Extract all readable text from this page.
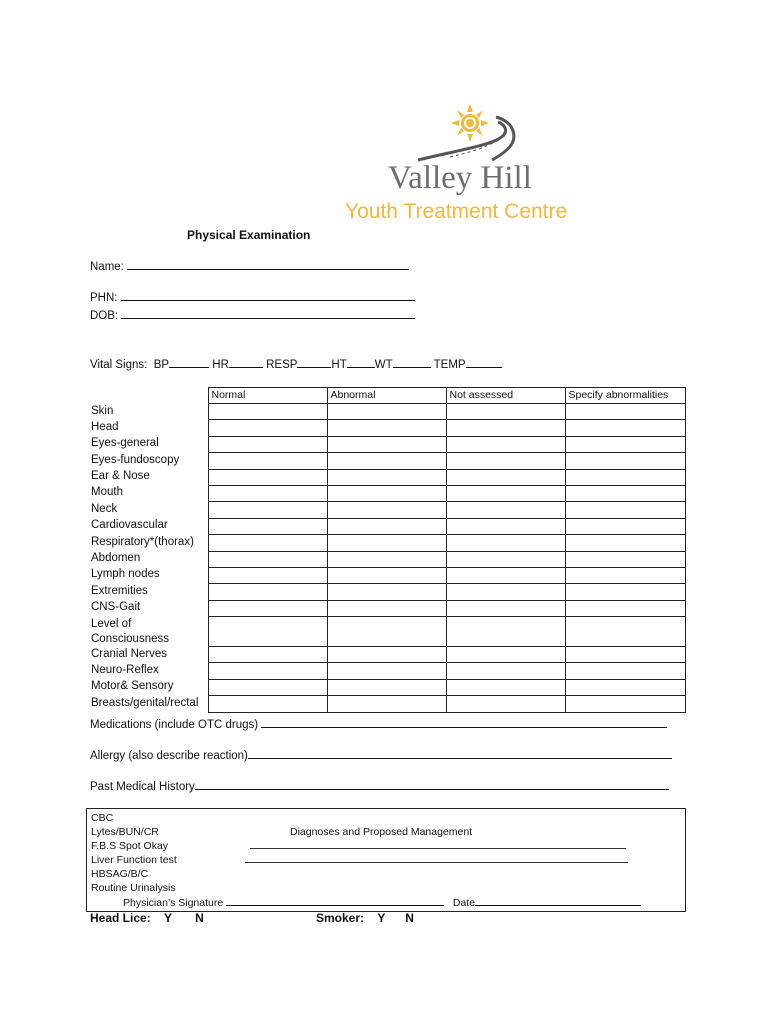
Valley Hill
Youth Treatment Centre
Physical Examination
Name:
PHN:
DOB:
Vital Signs: BP	HR	RESP	HT WT	TEMP
	Normal	Abnormal	Not assessed	Specify abnormalities
Skin				
Head				
Eyes-general				
Eyes-fundoscopy				
Ear & Nose				
Mouth				
Neck				
Cardiovascular				
Respiratory*(thorax)				
Abdomen				
Lymph nodes				
Extremities				
CNS-Gait				
Level of Consciousness				
Cranial Nerves				
Neuro-Reflex				
Motor& Sensory				
Breasts/genital/rectal				
Medications (include OTC drugs)
Allergy (also describe reaction)
Past Medical History
CBC
Lytes/BUN/CR
F.B.S Spot Okay
Liver Function test
HBSAG/B/C
Routine Urinalysis
Diagnoses and Proposed Management
Physician’s Signature	Date
Head Lice: Y N	Smoker: Y N
